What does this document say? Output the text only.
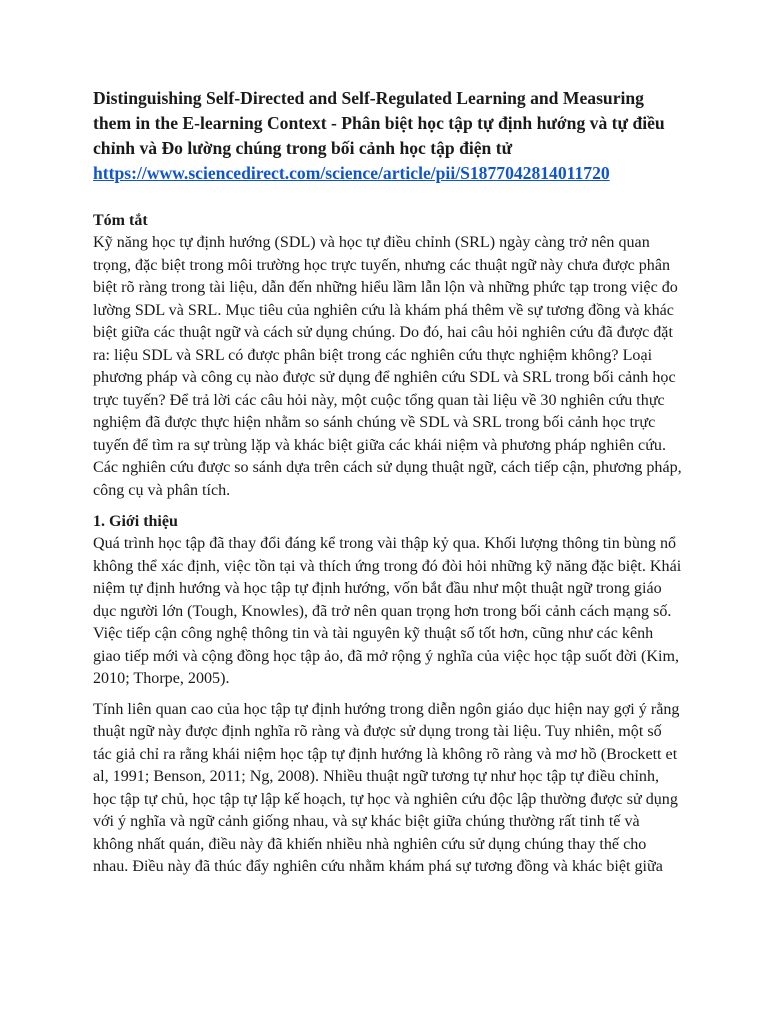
Distinguishing Self-Directed and Self-Regulated Learning and Measuring them in the E-learning Context - Phân biệt học tập tự định hướng và tự điều chỉnh và Đo lường chúng trong bối cảnh học tập điện tử
https://www.sciencedirect.com/science/article/pii/S1877042814011720
Tóm tắt

Kỹ năng học tự định hướng (SDL) và học tự điều chỉnh (SRL) ngày càng trở nên quan trọng, đặc biệt trong môi trường học trực tuyến, nhưng các thuật ngữ này chưa được phân biệt rõ ràng trong tài liệu, dẫn đến những hiểu lầm lẫn lộn và những phức tạp trong việc đo lường SDL và SRL. Mục tiêu của nghiên cứu là khám phá thêm về sự tương đồng và khác biệt giữa các thuật ngữ và cách sử dụng chúng. Do đó, hai câu hỏi nghiên cứu đã được đặt ra: liệu SDL và SRL có được phân biệt trong các nghiên cứu thực nghiệm không? Loại phương pháp và công cụ nào được sử dụng để nghiên cứu SDL và SRL trong bối cảnh học trực tuyến? Để trả lời các câu hỏi này, một cuộc tổng quan tài liệu về 30 nghiên cứu thực nghiệm đã được thực hiện nhằm so sánh chúng về SDL và SRL trong bối cảnh học trực tuyến để tìm ra sự trùng lặp và khác biệt giữa các khái niệm và phương pháp nghiên cứu. Các nghiên cứu được so sánh dựa trên cách sử dụng thuật ngữ, cách tiếp cận, phương pháp, công cụ và phân tích.

1. Giới thiệu

Quá trình học tập đã thay đổi đáng kể trong vài thập kỷ qua. Khối lượng thông tin bùng nổ không thể xác định, việc tồn tại và thích ứng trong đó đòi hỏi những kỹ năng đặc biệt. Khái niệm tự định hướng và học tập tự định hướng, vốn bắt đầu như một thuật ngữ trong giáo dục người lớn (Tough, Knowles), đã trở nên quan trọng hơn trong bối cảnh cách mạng số. Việc tiếp cận công nghệ thông tin và tài nguyên kỹ thuật số tốt hơn, cũng như các kênh giao tiếp mới và cộng đồng học tập ảo, đã mở rộng ý nghĩa của việc học tập suốt đời (Kim, 2010; Thorpe, 2005).

Tính liên quan cao của học tập tự định hướng trong diễn ngôn giáo dục hiện nay gợi ý rằng thuật ngữ này được định nghĩa rõ ràng và được sử dụng trong tài liệu. Tuy nhiên, một số tác giả chỉ ra rằng khái niệm học tập tự định hướng là không rõ ràng và mơ hồ (Brockett et al, 1991; Benson, 2011; Ng, 2008). Nhiều thuật ngữ tương tự như học tập tự điều chỉnh, học tập tự chủ, học tập tự lập kế hoạch, tự học và nghiên cứu độc lập thường được sử dụng với ý nghĩa và ngữ cảnh giống nhau, và sự khác biệt giữa chúng thường rất tinh tế và không nhất quán, điều này đã khiến nhiều nhà nghiên cứu sử dụng chúng thay thế cho nhau. Điều này đã thúc đẩy nghiên cứu nhằm khám phá sự tương đồng và khác biệt giữa
